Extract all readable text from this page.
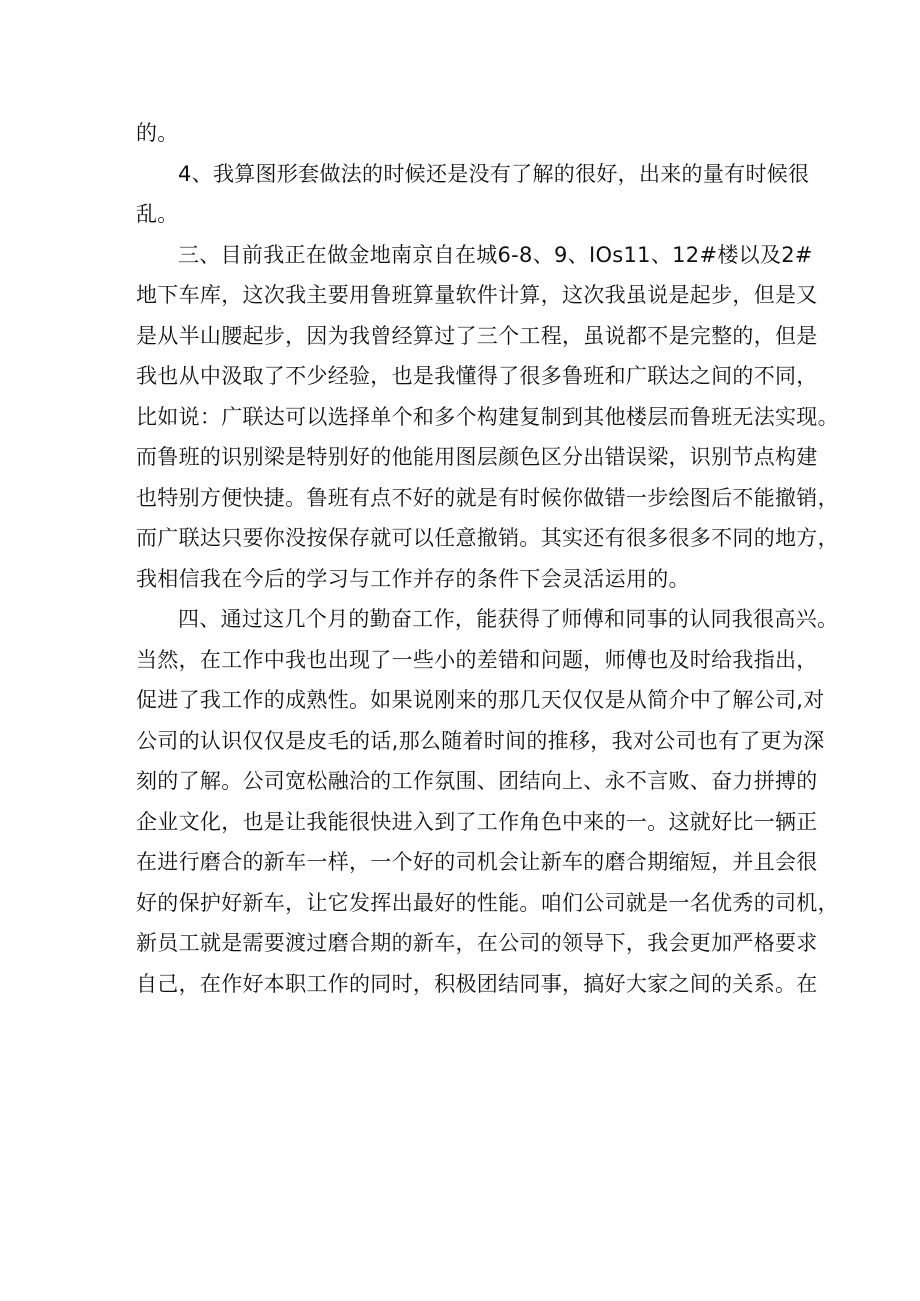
的。
4、我算图形套做法的时候还是没有了解的很好，出来的量有时候很
乱。
三、目前我正在做金地南京自在城6-8、9、IOs11、12#楼以及2#
地下车库，这次我主要用鲁班算量软件计算，这次我虽说是起步，但是又
是从半山腰起步，因为我曾经算过了三个工程，虽说都不是完整的，但是
我也从中汲取了不少经验，也是我懂得了很多鲁班和广联达之间的不同，
比如说：广联达可以选择单个和多个构建复制到其他楼层而鲁班无法实现。
而鲁班的识别梁是特别好的他能用图层颜色区分出错误梁，识别节点构建
也特别方便快捷。鲁班有点不好的就是有时候你做错一步绘图后不能撤销，
而广联达只要你没按保存就可以任意撤销。其实还有很多很多不同的地方，
我相信我在今后的学习与工作并存的条件下会灵活运用的。
四、通过这几个月的勤奋工作，能获得了师傅和同事的认同我很高兴。
当然，在工作中我也出现了一些小的差错和问题，师傅也及时给我指出，
促进了我工作的成熟性。如果说刚来的那几天仅仅是从简介中了解公司,对
公司的认识仅仅是皮毛的话,那么随着时间的推移，我对公司也有了更为深
刻的了解。公司宽松融洽的工作氛围、团结向上、永不言败、奋力拼搏的
企业文化，也是让我能很快进入到了工作角色中来的一。这就好比一辆正
在进行磨合的新车一样，一个好的司机会让新车的磨合期缩短，并且会很
好的保护好新车，让它发挥出最好的性能。咱们公司就是一名优秀的司机，
新员工就是需要渡过磨合期的新车，在公司的领导下，我会更加严格要求
自己，在作好本职工作的同时，积极团结同事，搞好大家之间的关系。在
